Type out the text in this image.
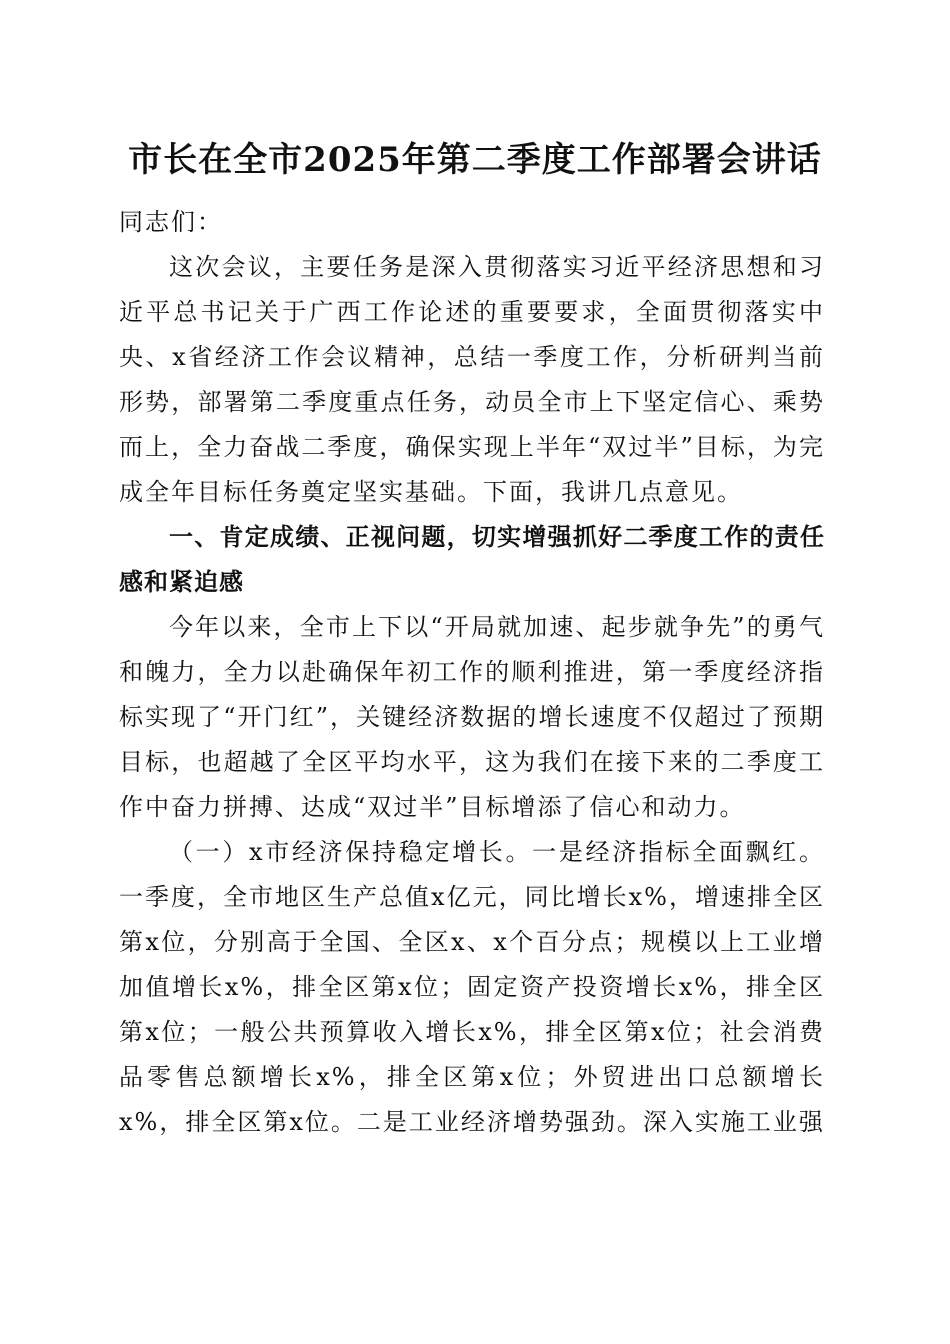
市长在全市2025年第二季度工作部署会讲话

同志们：

这次会议，主要任务是深入贯彻落实习近平经济思想和习近平总书记关于广西工作论述的重要要求，全面贯彻落实中央、x省经济工作会议精神，总结一季度工作，分析研判当前形势，部署第二季度重点任务，动员全市上下坚定信心、乘势而上，全力奋战二季度，确保实现上半年“双过半”目标，为完成全年目标任务奠定坚实基础。下面，我讲几点意见。

一、肯定成绩、正视问题，切实增强抓好二季度工作的责任感和紧迫感

今年以来，全市上下以“开局就加速、起步就争先”的勇气和魄力，全力以赴确保年初工作的顺利推进，第一季度经济指标实现了“开门红”，关键经济数据的增长速度不仅超过了预期目标，也超越了全区平均水平，这为我们在接下来的二季度工作中奋力拼搏、达成“双过半”目标增添了信心和动力。

（一）x市经济保持稳定增长。一是经济指标全面飘红。一季度，全市地区生产总值x亿元，同比增长x%，增速排全区第x位，分别高于全国、全区x、x个百分点；规模以上工业增加值增长x%，排全区第x位；固定资产投资增长x%，排全区第x位；一般公共预算收入增长x%，排全区第x位；社会消费品零售总额增长x%，排全区第x位；外贸进出口总额增长x%，排全区第x位。二是工业经济增势强劲。深入实施工业强
